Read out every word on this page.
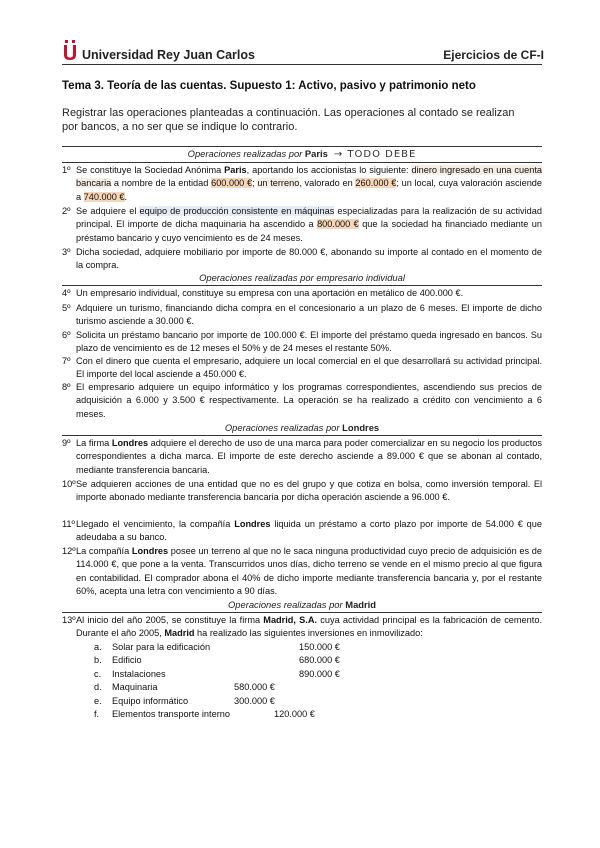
Universidad Rey Juan Carlos	Ejercicios de CF-I
Tema 3. Teoría de las cuentas. Supuesto 1: Activo, pasivo y patrimonio neto
Registrar las operaciones planteadas a continuación. Las operaciones al contado se realizan por bancos, a no ser que se indique lo contrario.
Operaciones realizadas por Paris → TODO DEBE
1º Se constituye la Sociedad Anónima Paris, aportando los accionistas lo siguiente: dinero ingresado en una cuenta bancaria a nombre de la entidad 600.000 €; un terreno, valorado en 260.000 €; un local, cuya valoración asciende a 740.000 €.
2º Se adquiere el equipo de producción consistente en máquinas especializadas para la realización de su actividad principal. El importe de dicha maquinaria ha ascendido a 800.000 € que la sociedad ha financiado mediante un préstamo bancario y cuyo vencimiento es de 24 meses.
3º Dicha sociedad, adquiere mobiliario por importe de 80.000 €, abonando su importe al contado en el momento de la compra.
Operaciones realizadas por empresario individual
4º Un empresario individual, constituye su empresa con una aportación en metálico de 400.000 €.
5º Adquiere un turismo, financiando dicha compra en el concesionario a un plazo de 6 meses. El importe de dicho turismo asciende a 30.000 €.
6º Solicita un préstamo bancario por importe de 100.000 €. El importe del préstamo queda ingresado en bancos. Su plazo de vencimiento es de 12 meses el 50% y de 24 meses el restante 50%.
7º Con el dinero que cuenta el empresario, adquiere un local comercial en el que desarrollará su actividad principal. El importe del local asciende a 450.000 €.
8º El empresario adquiere un equipo informático y los programas correspondientes, ascendiendo sus precios de adquisición a 6.000 y 3.500 € respectivamente. La operación se ha realizado a crédito con vencimiento a 6 meses.
Operaciones realizadas por Londres
9º La firma Londres adquiere el derecho de uso de una marca para poder comercializar en su negocio los productos correspondientes a dicha marca. El importe de este derecho asciende a 89.000 € que se abonan al contado, mediante transferencia bancaria.
10º Se adquieren acciones de una entidad que no es del grupo y que cotiza en bolsa, como inversión temporal. El importe abonado mediante transferencia bancaria por dicha operación asciende a 96.000 €.
11º Llegado el vencimiento, la compañía Londres liquida un préstamo a corto plazo por importe de 54.000 € que adeudaba a su banco.
12º La compañía Londres posee un terreno al que no le saca ninguna productividad cuyo precio de adquisición es de 114.000 €, que pone a la venta. Transcurridos unos días, dicho terreno se vende en el mismo precio al que figura en contabilidad. El comprador abona el 40% de dicho importe mediante transferencia bancaria y, por el restante 60%, acepta una letra con vencimiento a 90 días.
Operaciones realizadas por Madrid
13º Al inicio del año 2005, se constituye la firma Madrid, S.A. cuya actividad principal es la fabricación de cemento. Durante el año 2005, Madrid ha realizado las siguientes inversiones en inmovilizado:
a. Solar para la edificación	150.000 €
b. Edificio	680.000 €
c. Instalaciones	890.000 €
d. Maquinaria	580.000 €
e. Equipo informático	300.000 €
f. Elementos transporte interno	120.000 €
